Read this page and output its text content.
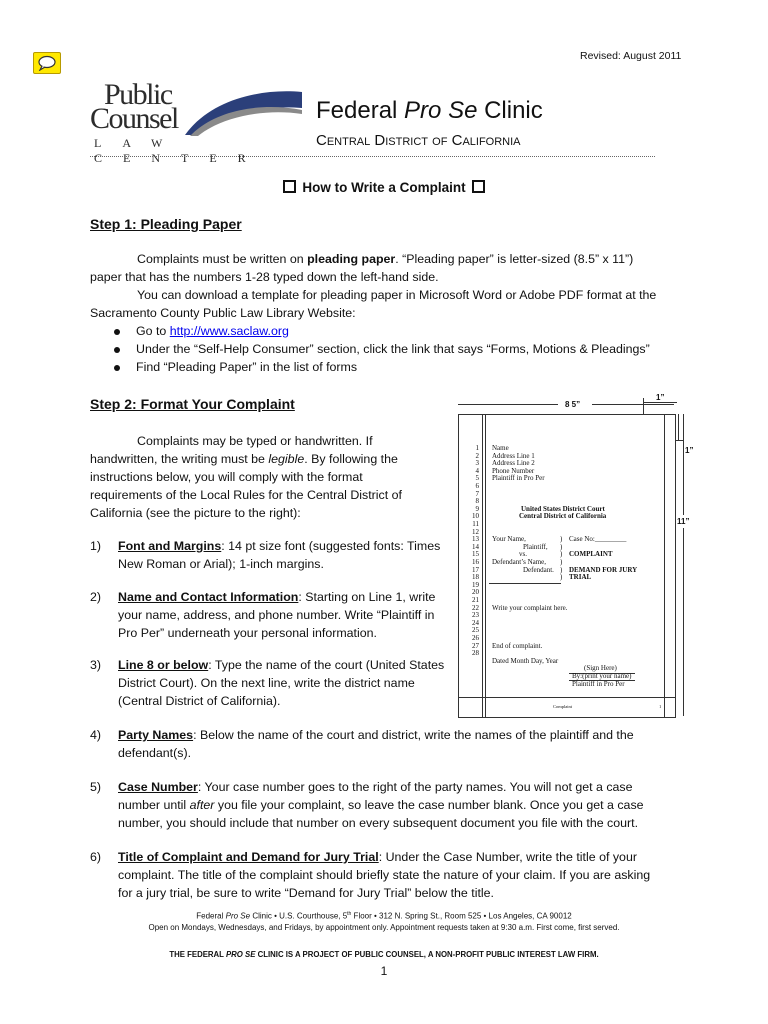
Revised: August 2011
Public
Counsel
LAW CENTER
Federal Pro Se Clinic
Central District of California
How to Write a Complaint
Step 1: Pleading Paper
Complaints must be written on pleading paper. “Pleading paper” is letter-sized (8.5” x 11”)
paper that has the numbers 1-28 typed down the left-hand side.
You can download a template for pleading paper in Microsoft Word or Adobe PDF format at the
Sacramento County Public Law Library Website:
Go to http://www.saclaw.org
Under the “Self-Help Consumer” section, click the link that says “Forms, Motions & Pleadings”
Find “Pleading Paper” in the list of forms
Step 2: Format Your Complaint
Complaints may be typed or handwritten. If
handwritten, the writing must be legible. By following the
instructions below, you will comply with the format
requirements of the Local Rules for the Central District of
California (see the picture to the right):
1) Font and Margins: 14 pt size font (suggested fonts: Times
New Roman or Arial); 1-inch margins.
2) Name and Contact Information: Starting on Line 1, write
your name, address, and phone number. Write “Plaintiff in
Pro Per” underneath your personal information.
3) Line 8 or below: Type the name of the court (United States
District Court). On the next line, write the district name
(Central District of California).
4) Party Names: Below the name of the court and district, write the names of the plaintiff and the
defendant(s).
5) Case Number: Your case number goes to the right of the party names. You will not get a case
number until after you file your complaint, so leave the case number blank. Once you get a case
number, you should include that number on every subsequent document you file with the court.
6) Title of Complaint and Demand for Jury Trial: Under the Case Number, write the title of your
complaint. The title of the complaint should briefly state the nature of your claim. If you are asking
for a jury trial, be sure to write “Demand for Jury Trial” below the title.
8 5”
1”
1”
11”
1
2
3
4
5
6
7
8
9
10
11
12
13
14
15
16
17
18
19
20
21
22
23
24
25
26
27
28
Name
Address Line 1
Address Line 2
Phone Number
Plaintiff in Pro Per
United States District Court
Central District of California
Your Name,	) Case No:_________
Plaintiff, )
vs.	) COMPLAINT
Defendant’s Name, )
Defendant. ) DEMAND FOR JURY
) TRIAL
Write your complaint here.
End of complaint.
Dated Month Day, Year
(Sign Here)
By:(print your name)
Plaintiff in Pro Per
Complaint	1
Federal Pro Se Clinic • U.S. Courthouse, 5th Floor • 312 N. Spring St., Room 525 • Los Angeles, CA 90012
Open on Mondays, Wednesdays, and Fridays, by appointment only. Appointment requests taken at 9:30 a.m. First come, first served.
THE FEDERAL PRO SE CLINIC IS A PROJECT OF PUBLIC COUNSEL, A NON-PROFIT PUBLIC INTEREST LAW FIRM.
1
